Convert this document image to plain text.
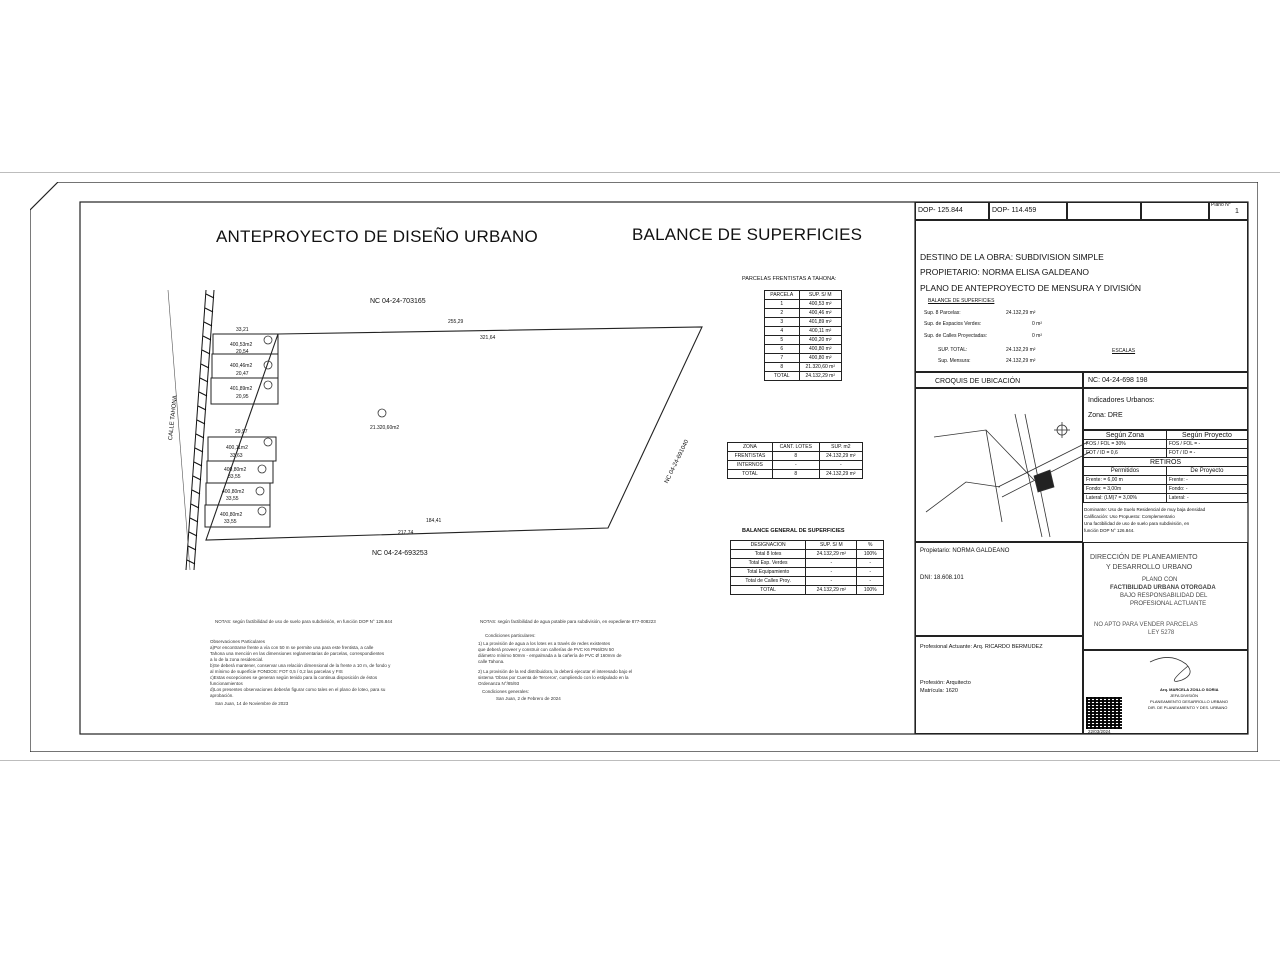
ANTEPROYECTO DE DISEÑO URBANO	BALANCE DE SUPERFICIES
NC 04-24-703165
NC 04-24-693253
CALLE TAHONA
NC 04-24-691040
21.320,60m2
255,29
321,64
184,41
217,74
33,21
29,97
400,53m2
20,54
400,46m2
20,47
401,89m2
20,95
400,11m2
33,63
400,80m2
33,55
400,80m2
33,55
400,80m2
33,55
PARCELAS FRENTISTAS A TAHONA:
PARCELA	SUP. S/ M
1	400,53 m²
2	400,46 m²
3	401,89 m²
4	400,11 m²
5	400,20 m²
6	400,80 m²
7	400,80 m²
8	21.320,60 m²
TOTAL	24.132,29 m²
ZONA	CANT. LOTES	SUP. m2
FRENTISTAS	8	24.132,29 m²
INTERNOS	-	-
TOTAL	8	24.132,29 m²
BALANCE GENERAL DE SUPERFICIES
DESIGNACION	SUP. S/ M	%
Total 8 lotes	24.132,29 m²	100%
Total Esp. Verdes	-	-
Total Equipamiento	-	-
Total de Calles Proy.	-	-
TOTAL	24.132,29 m²	100%
NOTAS: según factibilidad de uso de suelo para subdivisión, en función DOP N° 126.844
Observaciones Particulares
a)Por encontrarse frente a vía con 50 m se permite una para este frentista, a calle
Tahona una mención en las dimensiones reglamentarias de parcelas, correspondientes
a lo de la zona residencial.
b)Se deberá mantener, conservar una relación dimensional de la frente a 10 m, de fondo y
al mínimo de superficie FONDOS: FOT 0,5 / 0,2 las parcelas y FIS
c)Estas excepciones se generan según tenido para la continua disposición de éstos
funcionamientos
d)Los presentes observaciones deberán figurar como tales en el plano de loteo, para su
aprobación.
San Juan, 14 de Noviembre de 2023
NOTAS: según factibilidad de agua potable para subdivisión, en expediente 877-008223
Condiciones particulares:
1) La provisión de agua a los lotes es a través de redes existentes
que deberá proveer y construir con cañerías de PVC K6 PN6/DN 50
diámetro mínimo 50mm - empalmada a la cañería de PVC Ø 160mm de
calle Tahona.
2) La provisión de la red distribuidora, la deberá ejecutar el interesado bajo el
sistema 'Obras por Cuenta de Terceros', cumpliendo con lo estipulado en la
Ordenanza N°/85/93
Condiciones generales:
San Juan, 2 de Febrero de 2024
DOP- 125.844	DOP- 114.459
Plano N°
1
DESTINO DE LA OBRA: SUBDIVISION SIMPLE
PROPIETARIO: NORMA ELISA GALDEANO
PLANO DE ANTEPROYECTO DE MENSURA Y DIVISIÓN
BALANCE DE SUPERFICIES
Sup. 8 Parcelas:	24.132,29 m²
Sup. de Espacios Verdes:	0 m²
Sup. de Calles Proyectadas:	0 m²
SUP. TOTAL:	24.132,29 m²
Sup. Mensura:	24.132,29 m²
ESCALAS
CROQUIS DE UBICACIÓN	NC: 04-24-698 198
Indicadores Urbanos:
Zona: DRE
Según Zona	Según Proyecto
FOS / FOL = 30%	FOS / FOL = -
FOT / ID = 0,6	FOT / ID = -
RETIROS	
Permitidos	De Proyecto
Frente: = 6,00 m	Frente: -
Fondo: = 3,00m	Fondo: -
Lateral: (LM)7 = 3,00%	Lateral: -
Dominante: Uso de Suelo Residencial de muy baja densidad
Calificación: Uso Propuesto: Complementario
Una factibilidad de uso de suelo para subdivisión, en
función DOP N° 126.844.
Propietario: NORMA GALDEANO
DNI: 18.608.101
DIRECCIÓN DE PLANEAMIENTO
Y DESARROLLO URBANO
PLANO CON
FACTIBILIDAD URBANA OTORGADA
BAJO RESPONSABILIDAD DEL
PROFESIONAL ACTUANTE
NO APTO PARA VENDER PARCELAS
LEY 5278
Profesional Actuante: Arq. RICARDO BERMUDEZ
Profesión: Arquitecto
Matrícula: 1620
22/03/2024
Arq. MARCELA ZOILLO SORIA
JEFA DIVISIÓN
PLANEAMIENTO DESARROLLO URBANO
DIR. DE PLANEAMIENTO Y DES. URBANO
